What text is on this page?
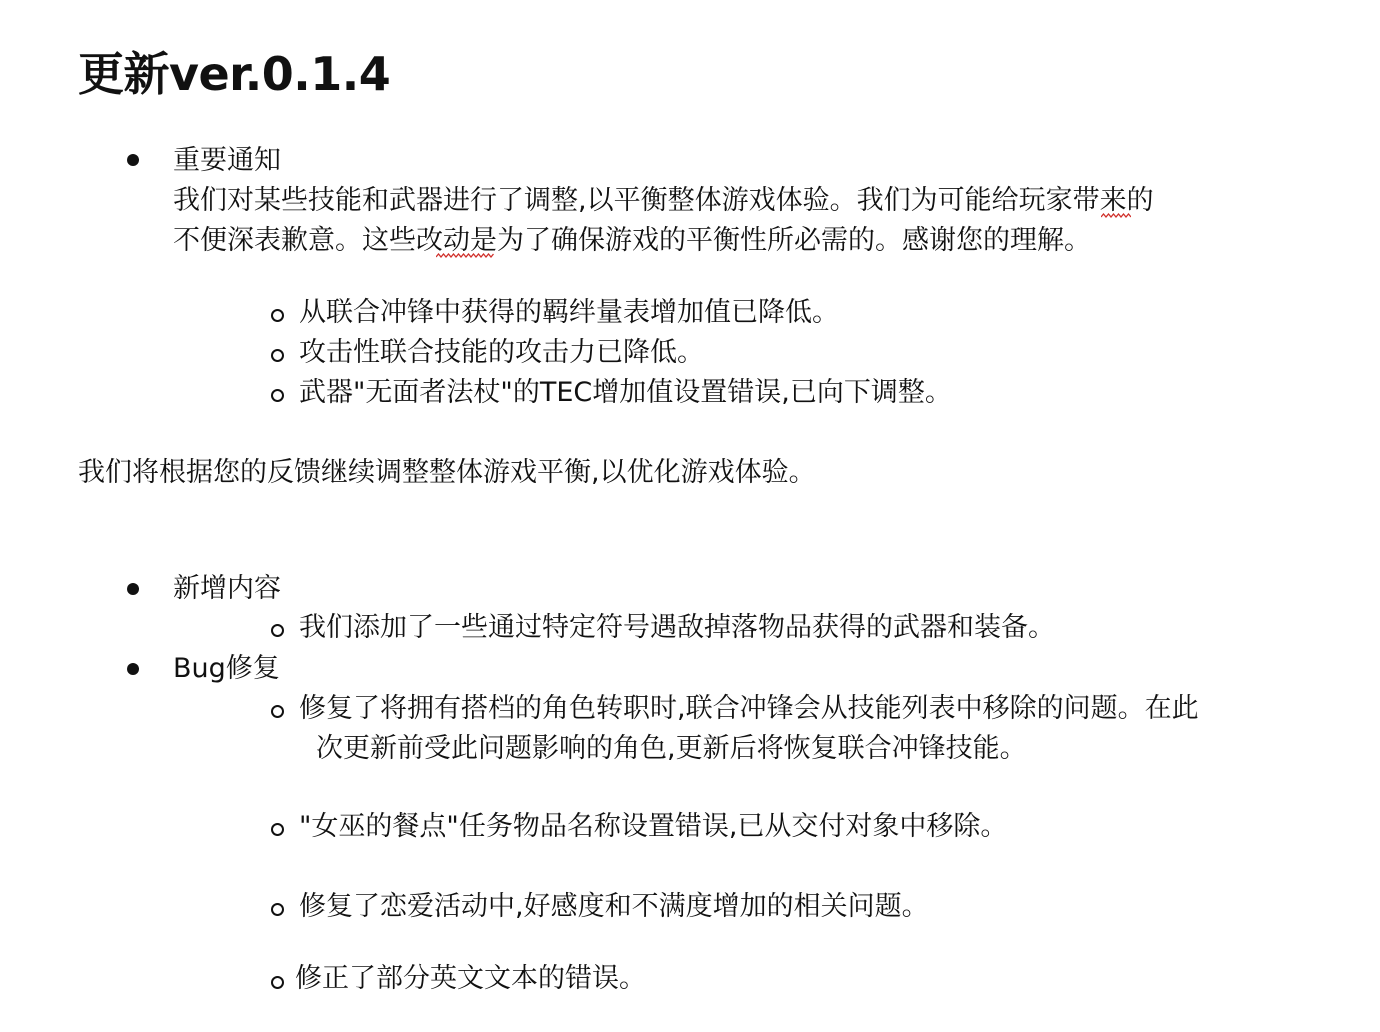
更新ver.0.1.4

重要通知

我们对某些技能和武器进行了调整,以平衡整体游戏体验。我们为可能给玩家带来的

不便深表歉意。这些改动是为了确保游戏的平衡性所必需的。感谢您的理解。

从联合冲锋中获得的羁绊量表增加值已降低。

攻击性联合技能的攻击力已降低。

武器"无面者法杖"的TEC增加值设置错误,已向下调整。

我们将根据您的反馈继续调整整体游戏平衡,以优化游戏体验。

新增内容

我们添加了一些通过特定符号遇敌掉落物品获得的武器和装备。

Bug修复

修复了将拥有搭档的角色转职时,联合冲锋会从技能列表中移除的问题。在此

次更新前受此问题影响的角色,更新后将恢复联合冲锋技能。

"女巫的餐点"任务物品名称设置错误,已从交付对象中移除。

修复了恋爱活动中,好感度和不满度增加的相关问题。

修正了部分英文文本的错误。
